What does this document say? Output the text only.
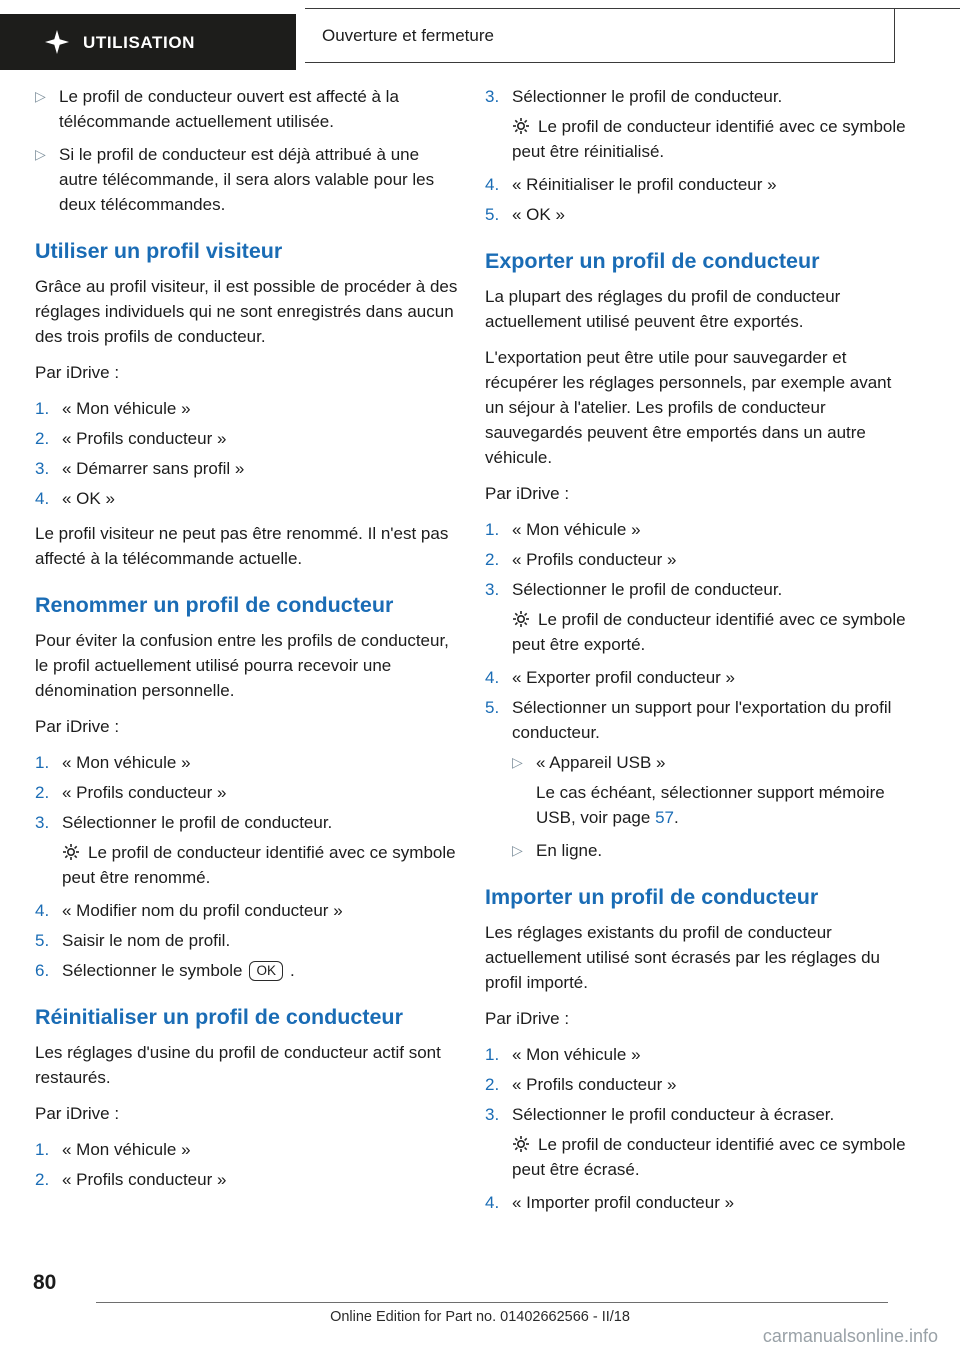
UTILISATION	Ouverture et fermeture
▷ Le profil de conducteur ouvert est affecté à la télécommande actuellement utilisée.
▷ Si le profil de conducteur est déjà attribué à une autre télécommande, il sera alors valable pour les deux télécommandes.
Utiliser un profil visiteur

Grâce au profil visiteur, il est possible de procéder à des réglages individuels qui ne sont enregistrés dans aucun des trois profils de conducteur.

Par iDrive :

1. « Mon véhicule »
2. « Profils conducteur »
3. « Démarrer sans profil »
4. « OK »

Le profil visiteur ne peut pas être renommé. Il n'est pas affecté à la télécommande actuelle.

Renommer un profil de conducteur

Pour éviter la confusion entre les profils de conducteur, le profil actuellement utilisé pourra recevoir une dénomination personnelle.

Par iDrive :

1. « Mon véhicule »
2. « Profils conducteur »
3. Sélectionner le profil de conducteur.
Le profil de conducteur identifié avec ce symbole peut être renommé.
4. « Modifier nom du profil conducteur »
5. Saisir le nom de profil.
6. Sélectionner le symbole OK .
Réinitialiser un profil de conducteur

Les réglages d'usine du profil de conducteur actif sont restaurés.

Par iDrive :

1. « Mon véhicule »
2. « Profils conducteur »
3. Sélectionner le profil de conducteur.
Le profil de conducteur identifié avec ce symbole peut être réinitialisé.
4. « Réinitialiser le profil conducteur »
5. « OK »
Exporter un profil de conducteur

La plupart des réglages du profil de conducteur actuellement utilisé peuvent être exportés.

L'exportation peut être utile pour sauvegarder et récupérer les réglages personnels, par exemple avant un séjour à l'atelier. Les profils de conducteur sauvegardés peuvent être emportés dans un autre véhicule.

Par iDrive :

1. « Mon véhicule »
2. « Profils conducteur »
3. Sélectionner le profil de conducteur.
Le profil de conducteur identifié avec ce symbole peut être exporté.
4. « Exporter profil conducteur »
5. Sélectionner un support pour l'exportation du profil conducteur.
▷ « Appareil USB »
Le cas échéant, sélectionner support mémoire USB, voir page 57.
▷ En ligne.
Importer un profil de conducteur

Les réglages existants du profil de conducteur actuellement utilisé sont écrasés par les réglages du profil importé.

Par iDrive :

1. « Mon véhicule »
2. « Profils conducteur »
3. Sélectionner le profil conducteur à écraser.
Le profil de conducteur identifié avec ce symbole peut être écrasé.
4. « Importer profil conducteur »
80
Online Edition for Part no. 01402662566 - II/18
carmanualsonline.info
